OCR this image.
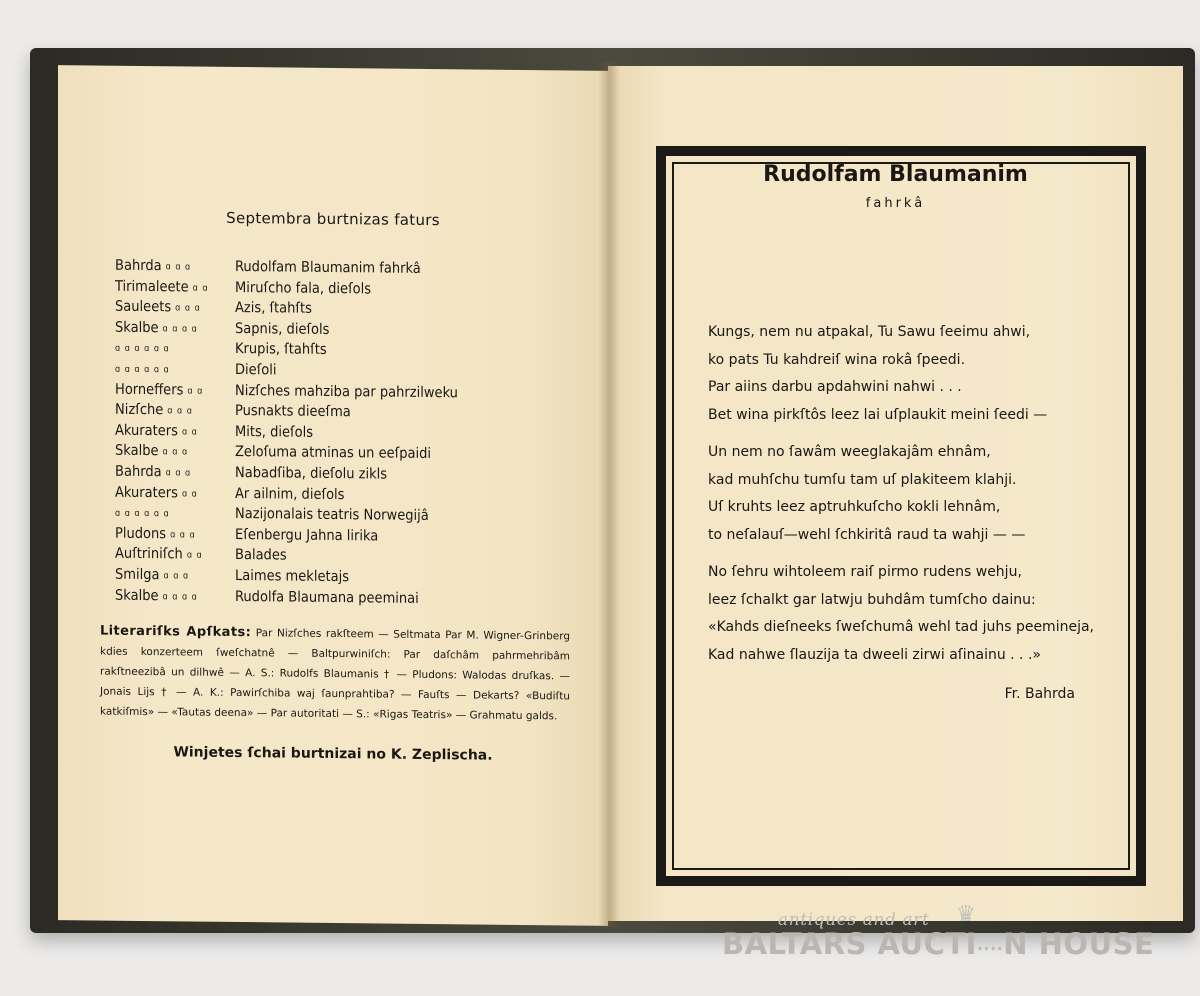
Septembra burtnizas faturs
Bahrda ɑ ɑ ɑ	Rudolfam Blaumanim fahrkâ
Tirimaleete ɑ ɑ Miruſcho fala, dieſols
Sauleets ɑ ɑ ɑ Azis, ſtahſts
Skalbe ɑ ɑ ɑ ɑ	Sapnis, dieſols
ɑ ɑ ɑ ɑ ɑ ɑ	Krupis, ſtahſts
ɑ ɑ ɑ ɑ ɑ ɑ	Dieſoli
Horneffers ɑ ɑ Nizſches mahziba par pahrzilweku
Nizſche ɑ ɑ ɑ	Pusnakts dieeſma
Akuraters ɑ ɑ	Mits, dieſols
Skalbe ɑ ɑ ɑ	Zeloſuma atminas un eeſpaidi
Bahrda ɑ ɑ ɑ	Nabadſiba, dieſolu zikls
Akuraters ɑ ɑ	Ar ailnim, dieſols
ɑ ɑ ɑ ɑ ɑ ɑ	Nazijonalais teatris Norwegijâ
Pludons ɑ ɑ ɑ	Eſenbergu Jahna lirika
Auſtriniſch ɑ ɑ Balades
Smilga ɑ ɑ ɑ	Laimes mekletajs
Skalbe ɑ ɑ ɑ ɑ	Rudolfa Blaumana peeminai
Literariſks Apſkats: Par Nizſches rakſteem — Seltmata Par M. Wigner-Grinberg kdies konzerteem ſweſchatnê — Baltpurwiniſch: Par daſchâm pahrmehribâm rakſtneezibâ un dilhwê — A. S.: Rudolfs Blaumanis † — Pludons: Walodas druſkas. — Jonais Lijs † — A. K.: Pawirſchiba waj ſaunprahtiba? — Fauſts — Dekarts? «Budiſtu katkiſmis» — «Tautas deena» — Par autoritati — S.: «Rigas Teatris» — Grahmatu galds.
Winjetes ſchai burtnizai no K. Zeplischa.
Rudolfam Blaumanim
fahrkâ
Kungs, nem nu atpakal, Tu Sawu ſeeimu ahwi,
ko pats Tu kahdreiſ wina rokâ ſpeedi.
Par aiins darbu apdahwini nahwi . . .
Bet wina pirkſtôs leez lai uſplaukit meini ſeedi —
Un nem no ſawâm weeglakajâm ehnâm,
kad muhſchu tumſu tam uſ plakiteem klahji.
Uſ kruhts leez aptruhkuſcho kokli lehnâm,
to neſalauſ—wehl ſchkiritâ raud ta wahji — —
No ſehru wihtoleem raiſ pirmo rudens wehju,
leez ſchalkt gar latwju buhdâm tumſcho dainu:
«Kahds dieſneeks ſweſchumâ wehl tad juhs peemineja,
Kad nahwe ſlauzija ta dweeli zirwi aſinainu . . .»
Fr. Bahrda
antiques and art ♛
BALTARS AUCTI....N HOUSE
